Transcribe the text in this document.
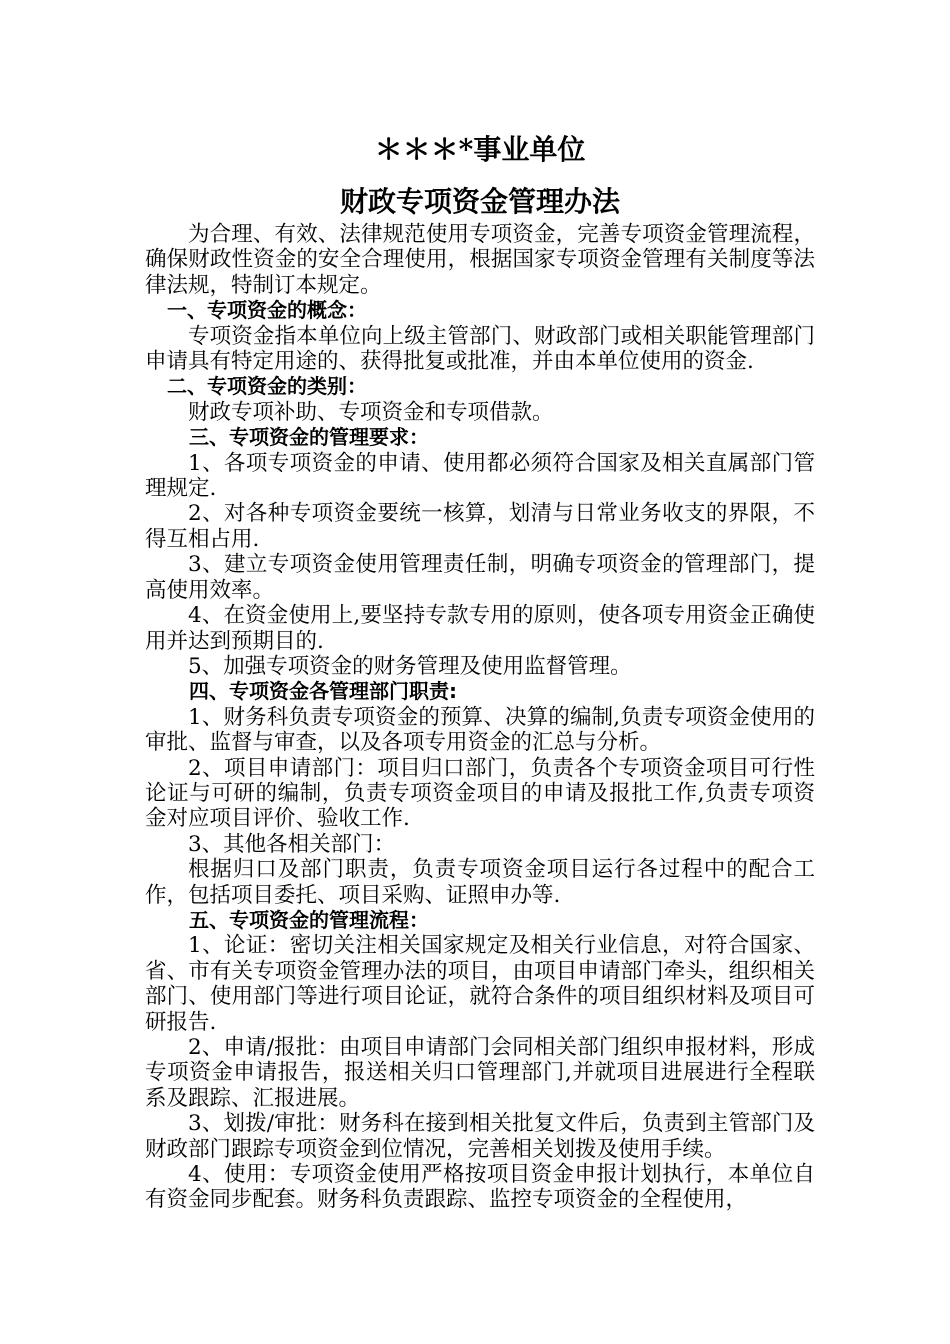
＊＊＊*事业单位
财政专项资金管理办法
为合理、有效、法律规范使用专项资金，完善专项资金管理流程，确保财政性资金的安全合理使用，根据国家专项资金管理有关制度等法律法规，特制订本规定。
一、专项资金的概念：
专项资金指本单位向上级主管部门、财政部门或相关职能管理部门申请具有特定用途的、获得批复或批准，并由本单位使用的资金.
二、专项资金的类别：
财政专项补助、专项资金和专项借款。
三、专项资金的管理要求：
1、各项专项资金的申请、使用都必须符合国家及相关直属部门管理规定.
2、对各种专项资金要统一核算，划清与日常业务收支的界限，不得互相占用.
3、建立专项资金使用管理责任制，明确专项资金的管理部门，提高使用效率。
4、在资金使用上,要坚持专款专用的原则，使各项专用资金正确使用并达到预期目的.
5、加强专项资金的财务管理及使用监督管理。
四、专项资金各管理部门职责:
1、财务科负责专项资金的预算、决算的编制,负责专项资金使用的审批、监督与审查，以及各项专用资金的汇总与分析。
2、项目申请部门：项目归口部门，负责各个专项资金项目可行性论证与可研的编制，负责专项资金项目的申请及报批工作,负责专项资金对应项目评价、验收工作.
3、其他各相关部门：
根据归口及部门职责，负责专项资金项目运行各过程中的配合工作，包括项目委托、项目采购、证照申办等.
五、专项资金的管理流程：
1、论证：密切关注相关国家规定及相关行业信息，对符合国家、省、市有关专项资金管理办法的项目，由项目申请部门牵头，组织相关部门、使用部门等进行项目论证，就符合条件的项目组织材料及项目可研报告.
2、申请/报批：由项目申请部门会同相关部门组织申报材料，形成专项资金申请报告，报送相关归口管理部门,并就项目进展进行全程联系及跟踪、汇报进展。
3、划拨/审批：财务科在接到相关批复文件后，负责到主管部门及财政部门跟踪专项资金到位情况，完善相关划拨及使用手续。
4、使用：专项资金使用严格按项目资金申报计划执行，本单位自有资金同步配套。财务科负责跟踪、监控专项资金的全程使用，
